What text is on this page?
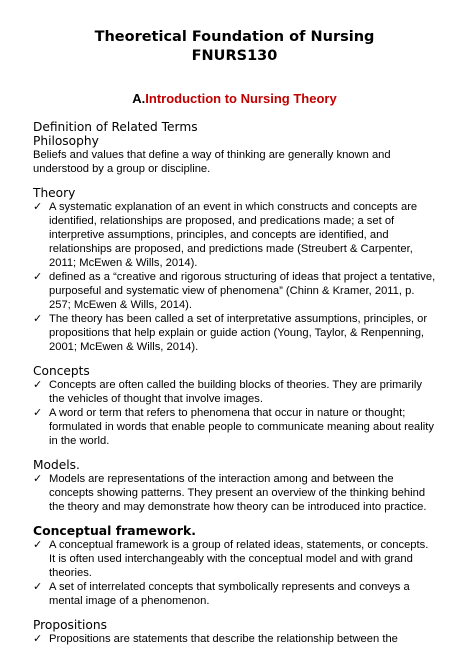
Theoretical Foundation of Nursing
FNURS130
A.Introduction to Nursing Theory

Definition of Related Terms

Philosophy

Beliefs and values that define a way of thinking are generally known and understood by a group or discipline.

Theory

✓ A systematic explanation of an event in which constructs and concepts are identified, relationships are proposed, and predications made; a set of interpretive assumptions, principles, and concepts are identified, and relationships are proposed, and predictions made (Streubert & Carpenter, 2011; McEwen & Wills, 2014).
✓ defined as a “creative and rigorous structuring of ideas that project a tentative, purposeful and systematic view of phenomena” (Chinn & Kramer, 2011, p. 257; McEwen & Wills, 2014).
✓ The theory has been called a set of interpretative assumptions, principles, or propositions that help explain or guide action (Young, Taylor, & Renpenning, 2001; McEwen & Wills, 2014).

Concepts

✓ Concepts are often called the building blocks of theories. They are primarily the vehicles of thought that involve images.
✓ A word or term that refers to phenomena that occur in nature or thought; formulated in words that enable people to communicate meaning about reality in the world.

Models.

✓ Models are representations of the interaction among and between the concepts showing patterns. They present an overview of the thinking behind the theory and may demonstrate how theory can be introduced into practice.

Conceptual framework.

✓ A conceptual framework is a group of related ideas, statements, or concepts. It is often used interchangeably with the conceptual model and with grand theories.
✓ A set of interrelated concepts that symbolically represents and conveys a mental image of a phenomenon.

Propositions

✓ Propositions are statements that describe the relationship between the
